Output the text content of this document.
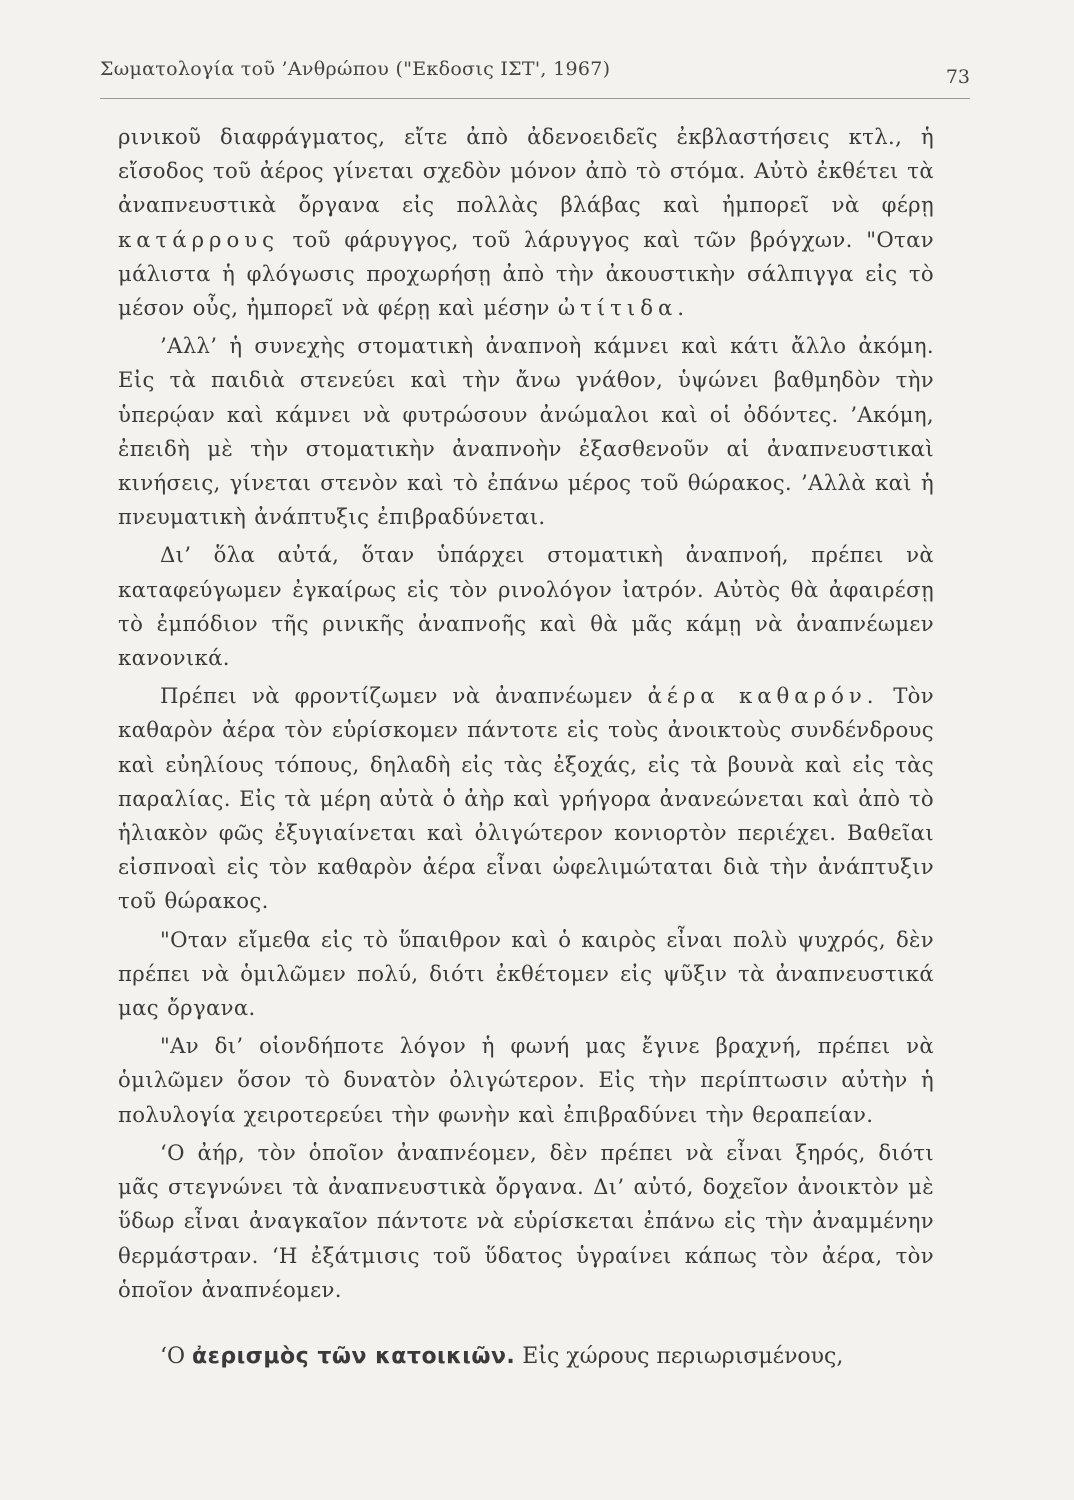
Σωματολογία τοῦ ’Ανθρώπου ("Εκδοσις ΙΣΤ', 1967)	73

ρινικοῦ διαφράγματος, εἴτε ἀπὸ ἀδενοειδεῖς ἐκβλαστήσεις κτλ., ἡ εἴσοδος τοῦ ἀέρος γίνεται σχεδὸν μόνον ἀπὸ τὸ στόμα. Αὐτὸ ἐκθέτει τὰ ἀναπνευστικὰ ὄργανα εἰς πολλὰς βλάβας καὶ ἠμπορεῖ νὰ φέρῃ κατάρρους τοῦ φάρυγγος, τοῦ λάρυγγος καὶ τῶν βρόγχων. "Οταν μάλιστα ἡ φλόγωσις προχωρήσῃ ἀπὸ τὴν ἀκουστικὴν σάλπιγγα εἰς τὸ μέσον οὖς, ἠμπορεῖ νὰ φέρῃ καὶ μέσην ὠτίτιδα.

’Αλλ’ ἡ συνεχὴς στοματικὴ ἀναπνοὴ κάμνει καὶ κάτι ἄλλο ἀκόμη. Εἰς τὰ παιδιὰ στενεύει καὶ τὴν ἄνω γνάθον, ὑψώνει βαθμηδὸν τὴν ὑπερῴαν καὶ κάμνει νὰ φυτρώσουν ἀνώμαλοι καὶ οἱ ὀδόντες. ’Ακόμη, ἐπειδὴ μὲ τὴν στοματικὴν ἀναπνοὴν ἐξασθενοῦν αἱ ἀναπνευστικαὶ κινήσεις, γίνεται στενὸν καὶ τὸ ἐπάνω μέρος τοῦ θώρακος. ’Αλλὰ καὶ ἡ πνευματικὴ ἀνάπτυξις ἐπιβραδύνεται.

Δι’ ὅλα αὐτά, ὅταν ὑπάρχει στοματικὴ ἀναπνοή, πρέπει νὰ καταφεύγωμεν ἐγκαίρως εἰς τὸν ρινολόγον ἰατρόν. Αὐτὸς θὰ ἀφαιρέσῃ τὸ ἐμπόδιον τῆς ρινικῆς ἀναπνοῆς καὶ θὰ μᾶς κάμῃ νὰ ἀναπνέωμεν κανονικά.

Πρέπει νὰ φροντίζωμεν νὰ ἀναπνέωμεν ἀέρα καθαρόν. Τὸν καθαρὸν ἀέρα τὸν εὑρίσκομεν πάντοτε εἰς τοὺς ἀνοικτοὺς συνδένδρους καὶ εὐηλίους τόπους, δηλαδὴ εἰς τὰς ἐξοχάς, εἰς τὰ βουνὰ καὶ εἰς τὰς παραλίας. Εἰς τὰ μέρη αὐτὰ ὁ ἀὴρ καὶ γρήγορα ἀνανεώνεται καὶ ἀπὸ τὸ ἡλιακὸν φῶς ἐξυγιαίνεται καὶ ὀλιγώτερον κονιορτὸν περιέχει. Βαθεῖαι εἰσπνοαὶ εἰς τὸν καθαρὸν ἀέρα εἶναι ὠφελιμώταται διὰ τὴν ἀνάπτυξιν τοῦ θώρακος.

"Οταν εἴμεθα εἰς τὸ ὕπαιθρον καὶ ὁ καιρὸς εἶναι πολὺ ψυχρός, δὲν πρέπει νὰ ὁμιλῶμεν πολύ, διότι ἐκθέτομεν εἰς ψῦξιν τὰ ἀναπνευστικά μας ὄργανα.

"Αν δι’ οἱονδήποτε λόγον ἡ φωνή μας ἔγινε βραχνή, πρέπει νὰ ὁμιλῶμεν ὅσον τὸ δυνατὸν ὀλιγώτερον. Εἰς τὴν περίπτωσιν αὐτὴν ἡ πολυλογία χειροτερεύει τὴν φωνὴν καὶ ἐπιβραδύνει τὴν θεραπείαν.

‘Ο ἀήρ, τὸν ὁποῖον ἀναπνέομεν, δὲν πρέπει νὰ εἶναι ξηρός, διότι μᾶς στεγνώνει τὰ ἀναπνευστικὰ ὄργανα. Δι’ αὐτό, δοχεῖον ἀνοικτὸν μὲ ὕδωρ εἶναι ἀναγκαῖον πάντοτε νὰ εὑρίσκεται ἐπάνω εἰς τὴν ἀναμμένην θερμάστραν. ‘Η ἐξάτμισις τοῦ ὕδατος ὑγραίνει κάπως τὸν ἀέρα, τὸν ὁποῖον ἀναπνέομεν.

‘Ο ἀερισμὸς τῶν κατοικιῶν. Εἰς χώρους περιωρισμένους,
